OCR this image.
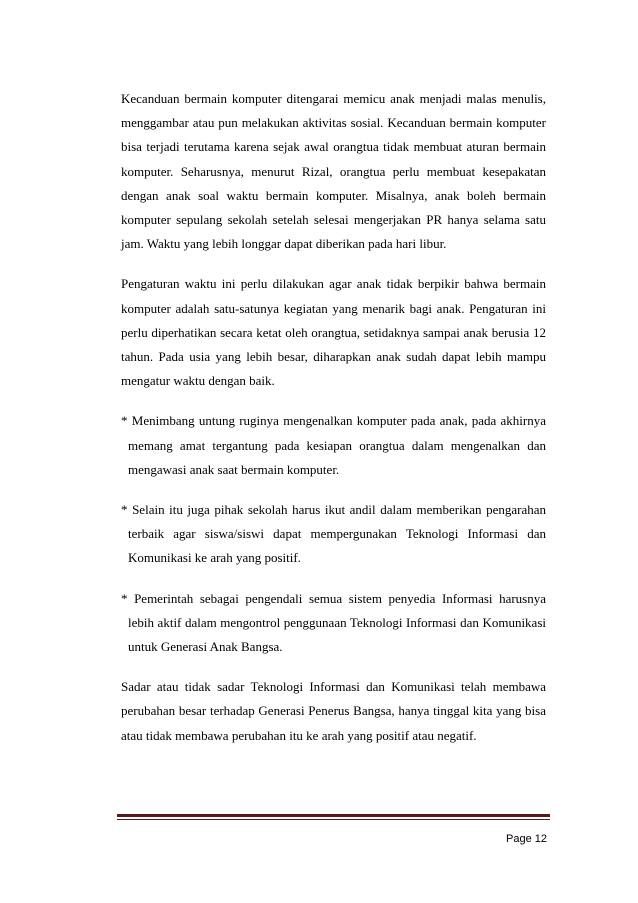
Kecanduan bermain komputer ditengarai memicu anak menjadi malas menulis, menggambar atau pun melakukan aktivitas sosial. Kecanduan bermain komputer bisa terjadi terutama karena sejak awal orangtua tidak membuat aturan bermain komputer. Seharusnya, menurut Rizal, orangtua perlu membuat kesepakatan dengan anak soal waktu bermain komputer. Misalnya, anak boleh bermain komputer sepulang sekolah setelah selesai mengerjakan PR hanya selama satu jam. Waktu yang lebih longgar dapat diberikan pada hari libur.

Pengaturan waktu ini perlu dilakukan agar anak tidak berpikir bahwa bermain komputer adalah satu-satunya kegiatan yang menarik bagi anak. Pengaturan ini perlu diperhatikan secara ketat oleh orangtua, setidaknya sampai anak berusia 12 tahun. Pada usia yang lebih besar, diharapkan anak sudah dapat lebih mampu mengatur waktu dengan baik.

* Menimbang untung ruginya mengenalkan komputer pada anak, pada akhirnya memang amat tergantung pada kesiapan orangtua dalam mengenalkan dan mengawasi anak saat bermain komputer.

* Selain itu juga pihak sekolah harus ikut andil dalam memberikan pengarahan terbaik agar siswa/siswi dapat mempergunakan Teknologi Informasi dan Komunikasi ke arah yang positif.

* Pemerintah sebagai pengendali semua sistem penyedia Informasi harusnya lebih aktif dalam mengontrol penggunaan Teknologi Informasi dan Komunikasi untuk Generasi Anak Bangsa.

Sadar atau tidak sadar Teknologi Informasi dan Komunikasi telah membawa perubahan besar terhadap Generasi Penerus Bangsa, hanya tinggal kita yang bisa atau tidak membawa perubahan itu ke arah yang positif atau negatif.

Page 12
